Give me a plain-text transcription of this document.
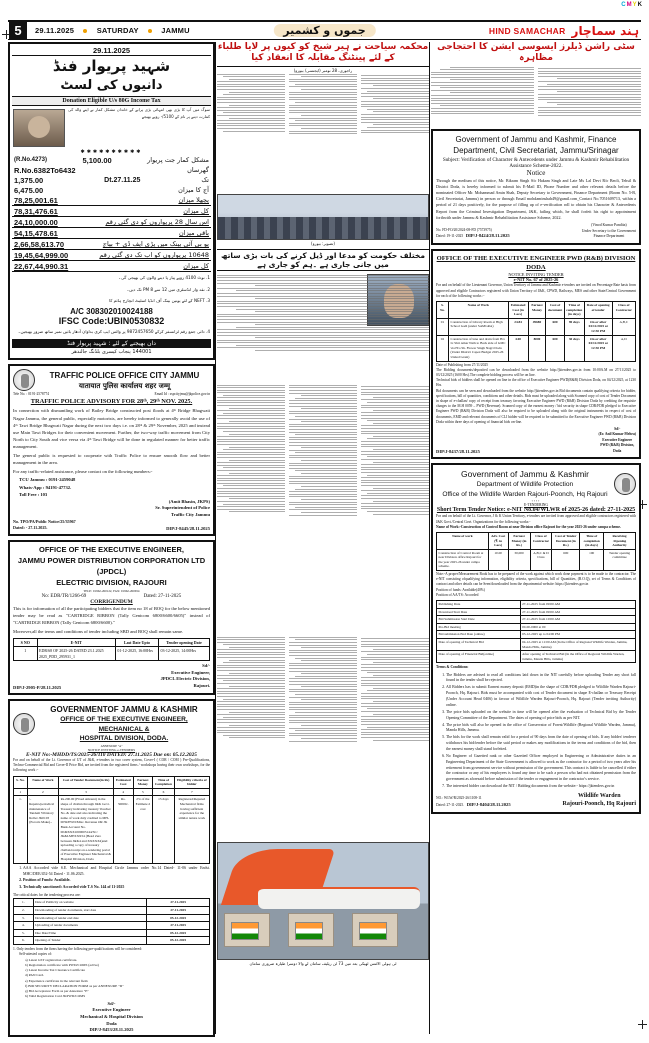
CMYK
5	29.11.2025	SATURDAY	JAMMU	جموں و کشمیر	HIND SAMACHAR ہند سماچار
29.11.2025
شہید پریوار فنڈ
دانیوں کی لسٹ
Donation Eligible U/s 80G Income Tax
سوگ میں آپ کا بڑی بھی انتہائی بڑی پرانے کے خاندان مشکل کمار نے اپنے والد کی کمارت دینے پر نام کے 5100/- روپے بھیجے
✱✱✱✱✱✱✱✱✱✱
(R.No.4273)	5,100.00	مشکل کمار جت پریوار
R.No.6382To6432	گھرساں
1,375.00	Dt.27.11.25	تک
6,475.00	آج کا میزان
78,25,001.61	پچھلا میزان
78,31,476.61	کل میزان
24,10,000.00	اس سال 28 پریواروں کو دی گئی رقم
54,15,478.61	باقی میزان
2,66,58,613.70	یو بی آئی بینک میں پڑی ایف ڈی + بیاج
19,45,64,999.00	10648 پریواروں کو اب تک دی گئی رقم
22,67,44,990.31	کل میزان
1. نوٹ 4100 روپے پیار پا دینے والوں کی بھیجی گی۔
2. نقد وار انڈسٹری میں 12 سے 8 PM تک دیں۔
3. NEFT کے لئے یونین بینک آف انڈیا اسٹیٹ انچارج ہائم کا
A/C 308302010024188
IFSC Code:UBIN0530832
4. دائی جمع رقم ٹرانسفر کرکے 9872457650 پر واٹس ایپ کری بداوان آدھار بائیں نمبر ساتھ ضرور بھیجیں۔
دان بھیجنے کے لئے : شہید پریوار فنڈ
144001 پنجاب کیسری بلڈنگ جالندھر
TRAFFIC POLICE OFFICE CITY JAMMU
यातायात पुलिस कार्यालय शहर जम्मू
Tele No. : 0191-2578774	Email Id : sspcityjmu@jkpolice.gov.in
TRAFFIC POLICE ADVISORY FOR 28ᵗʰ, 29ᵗʰ NOV. 2025.
In connection with dismantling work of Bailey Bridge constructed post floods at 4ᵗʰ Bridge Bhagwati Nagar Jammu, the general public, especially motorists, are hereby informed to generally avoid the use of 4ᵗʰ Tawi Bridge Bhagwati Nagar during the next two days i.e. on 28ᵗʰ & 29ᵗʰ November, 2025 and instead use Main Tawi Bridges for their convenient movement. Further, the two-way traffic movement from City North to City South and vice versa via 4ᵗʰ Tawi Bridge will be done in regulated manner for better traffic management.
The general public is requested to cooperate with Traffic Police to ensure smooth flow and better management in the area.
For any traffic-related assistance, please contact on the following numbers:-
TCU Jammu : 0191-2459048
Whats-App : 94191-47732.
Toll Free : 103
(Amit Bhasin, JKPS)
Sr. Superintendent of Police
Traffic City Jammu
No. TPO/PA/Public Notice/25/35967
Dated: - 27.11.2025.	DIP/J-8445/28.11.2025
OFFICE OF THE EXECUTIVE ENGINEER,
JAMMU POWER DISTRIBUTION CORPORATION LTD (JPDCL)
ELECTRIC DIVISION, RAJOURI
TELE: 01962-260122, FAX: 01962-260654
No: EDR/TR/1266-69	Dated: 27-11-2025
CORRIGENDUM
This is for information of all the participating bidders that the item no 18 of BOQ for the below mentioned tender may be read as "CARTRIDGE RIBBON (Tally Genicom 6800/6600/6605)" instead of "CARTRIDGE RIBBON (Tally Genicom 6800/6600)."
Moreover,all the terms and conditions of tender including SBD and BOQ shall remain same.
S NO	E-NIT	Last Date Upto	Tender opening Date
1	EDR/68 OF 2025-26 DATED 23.1.2025 2025_PDD_295931_1	01-12-2025, 16:00Hrs	03-12-2025, 14:00Hrs
DIP/J-2905-P/28.11.2025
Sd/-
Executive Engineer,
JPDCL Electric Division,
Rajouri.
GOVERNMENTOF JAMMU & KASHMIR
OFFICE OF THE EXECUTIVE ENGINEER, MECHANICAL &
HOSPITAL DIVISION, DODA.
ANNEXURE "A"
NOTICE INVITING e-TENDERS
E-NIT No:-MHDD/TS/2025-26/110 DATED: 27.11.2025 Due on: 05.12.2025
For and on behalf of the Lt. Governor of UT of J&K, e-tenders in two cover system, Cover-I ( COR / COM ) Pre-Qualifications, Techno-Commercial Bid and Cover-II Price Bid, are invited from the registered firms / workshops having their own workshops, for the following work :-
S. No.	Name of Work	Cost of Tender Document(in Rs)	Estimated Cost	Earnest Money	Time of Completion	Eligibility criteria of bidder
1	2	3	4	5	6	7
1.	:- Repairs/periodical maintenance of Tandem Vibratory Roller JK0103 (Escorts Make).-	Rs.200.00 (Fixed Amount) in the shape of challan through J&K Govt. Treasury indicating treasury Voucher No. & date and also indicating the name of work duly credited to MH-0059/PWD/Misc. Revenue OR JK Bank Account No. 0049XXX1000005144/SC/ JK&LMEXXX54 (Head Zero between J&K4 and XXXXX4)and uploading a copy of treasury challan/receipt on e-tendering portal of Executive Engineer Mechanical & Hospital Division, Doda	Rs. 50000/-	2% of the Estimate d cost	15 days	Registered/Reputed Mechanical firms having sufficient experience for the similar nature work
1. AAA Accorded vide S.E. Mechanical and Hospital Circle Jammu order No.14 Dated- 11-06 under Endst. MHC/DEE/452-54 Dated - 11.06.2025.
2. Position of Funds: Available.
3. Technically sanctioned: Accorded vide T.S No. 144 of 11-2025
The critical dates for the tendering process are:
1.	Date of Publicity on website	27-11-2025
2.	Downloading of tender documents, start date	27-11-2025
3.	Downloading of tender end date	05-12-2025
4.	Uploading of tender documents	27-11-2025
5.	Due Date/Time	05-12-2025
6.	Opening of Tender	05-12-2025
1. Only tenders from the firms having the following pre-qualifications will be considered:
Self-attested copies of:
a) Latest GST registration certificate.
b) Registration certificate with PWD/COMS (active)
c) Latest Income Tax Clearance Certificate
d) PAN Card.
e) Experience certificate in the relevant field.
f) BID SECURITY DECLARATION FORM as per ANNEXURE "D"
g) Bid Acceptance Form as per Annexure "E"
h) Valid Registration Card JKPWD/COMS
Sd/-
Executive Engineer
Mechanical & Hospital Division
Doda
DIP/J-8453/28.11.2025
محکمہ سیاحت نے ہیر شیخ کو کیوں پر لایا طلباء کے لئے پینٹنگ مقابلہ کا انعقاد کیا
راجوری، 28 نومبر (ایجنسی/ بیورو)
(تصویر: بیورو)
مختلف حکومت کو مدعا اور ڈیل کرنے کی بات بڑی ساتھ میں جانی جاری ہے ۔ہم کو جاری ہے
ٹی ہولی الائنس ٹھیکی بعد میں 73 ٹن ریلیف سامان لے والا دوسرا طیارہ ضروری سامان
سٹی راشن ڈیلرز ایسوسی ایشن کا احتجاجی مظاہرہ
Government of Jammu and Kashmir, Finance
Department, Civil Secretariat, Jammu/Srinagar
Subject: Verification of Character & Antecedents under Jammu & Kashmir Rehabilitation Assistance Scheme-2022.
Notice
Through the medium of this notice, Mr. Bikram Singh S/o Hakam Singh and Late Ms Lal Devi R/o Beoli, Tehsil & District Doda, is hereby informed to submit his E-Mail ID, Phone Number and other relevant details before the nominated Officer Mr. Mohammad Amin Shah, Deputy Secretary to Government, Finance Department (Room No. 5-B, Civil Secretariat, Jammu) in person or through Email mohdaminshah49@gamil.com_Contact No.7051609713, within a period of 21 days positively, for the purpose of filling up of e-verification roll to obtain his Character & Antecedents Report from the Criminal Investigation Department, J&K, failing which, he shall forfeit his right to appointment forthwith under Jammu & Kashmir Rehabilitation Assistance Scheme, 2022.
No. FD-FO/20/2024-08-FD (7573975)
Dated: 19-11-2025 DIP/J-8424/28.11.2025
(Vinod Kumar Pandita)
Under Secretary to the Government
Finance Department
OFFICE OF THE EXECUTIVE ENGINEER PWD (R&B) DIVISION DODA
NOTICE INVITING TENDER
e-NIT No. 67 of 2025-26
For and on behalf of the Lieutenant Governor, Union Territory of Jammu and Kashmir e-tenders are invited on Percentage Rate basis from approved and eligible Contractors registered with Union Territory of J&K, CPWD, Railways, MES and other State/Central Government for each of the following works :-
S. No.	Name of Work	Estimated Cost (in Lacs)	Earnest Money	Cost of document	Time of completion (in days)	Date of opening of tender	Class of Contractor
01	Construction of Library Room at High School Gadi (under SAMGRA)	24.84	49680	600	90 days	On or after 04/12/2025 at 12:30 PM	A,B,C
02	Construction of lane and drain from H/o Lt Shri Amar Nath to Back side of GMC via H/o Sh. Flower Singh Nagri Doda (Under District Capex Budget 2025-26 Untied Grant)	4.00	8000	600	30 days	On or after 04/12/2025 at 12:30 PM	A,D
Date of Publishing from 27/11/2025
The Bidding documents/deposited can be downloaded from the website http://jktenders.gov.in from 10:00A.M on 27/11/2025 to 03/12/2025 (1600 Hrs).The complete bidding process will be on line.
Technical bids of bidders shall be opened on line in the office of Executive Engineer PWD(R&B) Division Doda, on 04/12/2025, at 1230 Hrs.
Bid documents can be seen and downloaded from the website http://jktenders.gov.in Bid documents contain qualifying criteria for bidder, specifications, bill of quantities, conditions and other details. Bids must be uploaded along with Scanned copy of cost of Tender Document in shape of e-challan/ copy of receipt from treasury favoring Executive Engineer PWD (R&B) Division Doda by crediting the requisite charges to the M.H 0059 – PWD (Revenue). Scanned copy of the earnest money / bid security in shape CDR/FDR pledged to Executive Engineer PWD (R&B) Division Doda will also be required to be uploaded along with the original instruments in respect of cost of documents, EMD and relevant documents of CLI bidder will be required to be submitted to the Executive Engineer PWD (R&B) Division Doda within three days of opening of financial bids on-line.
DIP/J-8437/28.11.2025
Sd/-
(Er. Anil Kumar Mehra)
Executive Engineer
PWD (R&B) Division,
Doda
Government of Jammu & Kashmir
Department of Wildlife Protection
Office of the Wildlife Warden Rajouri-Poonch, Hq Rajouri
••••
E-TENDERING
Short Term Tender Notice: e-NIT No.04/WLWR of 2025-26 dated: 27-11-2025
For and on behalf of the Lt. Governor, J & K Union Territory, e-tenders are invited from approved and eligible contractors registered with J&K Govt./Central Govt. Organizations for the following works:-
Name of Work:-Construction of Control Room at near Division office Rajouri for the year 2025-26 under campa scheme.
Name of work	Adv. Cost (₹. in Lacs)	Earnest Money (in Rs.)	Class of Contractor	Cost of Tender Document (in Rs.)	Time of completion (in days)	Receiving /Opening Authority
Construction of Control Room at near Division office Rajouri for the year 2025-26 under campa scheme.	10.00	30,000	A,B,C & D Class	600	100	Tender opening committee
Note:-A proper/Measurement Book has to be prepared of the work against which work done payment is to be made to the contractor. The e-NIT consisting ofqualifying information, eligibility criteria, specifications, bill of Quantities, (B.O.Q), set of Terms & Conditions of contract and other details can be Seen/downloaded from the departmental website: https://jktenders.gov.in
Position of funds: Available(40%)
Position of AA/TS: Accorded
Publishing Date	27-11-2025 from 09:00 AM
Download Start Date	27-11-2025 from 09:00 AM
Bid Submission Start Date	27-11-2025 from 10:00 AM
Pre-Bid meeting	00-00-0000 at 00
Bid submission End Date (online)	03-12-2025 up to 04:00 PM
Date of opening of Technical Bid	04-12-2025 at 11:00 AM (In the Office of Regional Wildlife Warden, Jammu, Manda Hills, Jammu)
Date of opening of Financial Bid(online)	After opening of Technical Bid (In the Office of Regional Wildlife Warden, Jammu, Manda Hills, Jammu)
Terms & Conditions:
1. The Bidders are advised to read all conditions laid down in the NIT carefully before uploading Tender any short fall found in the tender shall be rejected.
2. All Bidders has to submit Earnest money deposit (EMD)in the shape of CDR/FDR pledged to Wildlife Warden Rajouri-Poonch, Hq. Rajouri. Bids must be accompanied with cost of Tender document in shape E-challan or Treasury Receipt (Under Account Head 0406) in favour of Wildlife Warden Rajouri-Poonch, Hq. Rajouri (Tender inviting Authority) online.
3. The price bids uploaded on the website in time will be opened after the evaluation of Technical Bid by the Tender Opening Committee of the Department. The dates of opening of price bids as per NIT.
4. The price bids will also be opened in the office of Conservator of Forest/Wildlife (Regional Wildlife Warden, Jammu), Manda Hills, Jammu.
5. The bids for the work shall remain valid for a period of 90 days from the date of opening of bids. If any bidder/ tenderer withdraws his bid/tender before the said period or makes any modifications in the terms and conditions of the bid, then the earnest money shall stand forfeited.
6. No Engineer of Gazetted rank or other Gazetted Officer employed in Engineering or Administrative duties in an Engineering Department of the State Government is allowed to work as the contractor for a period of two years after his retirement from government service without permission of the government. This contract is liable to be cancelled if either the contractor or any of his employees is found any time to be such a person who had not obtained permission from the government as aforesaid before submission of the tender or engagement in the contractor's service.
7. The interested bidder can download the NIT / Bidding documents from the website:- https://jktenders.gov.in
NO.: WLW/R/2025-26/1108-11
Dated: 27-11-2025. DIP/J-8404/28.11.2025
Wildlife Warden
Rajouri-Poonch, Hq Rajouri
